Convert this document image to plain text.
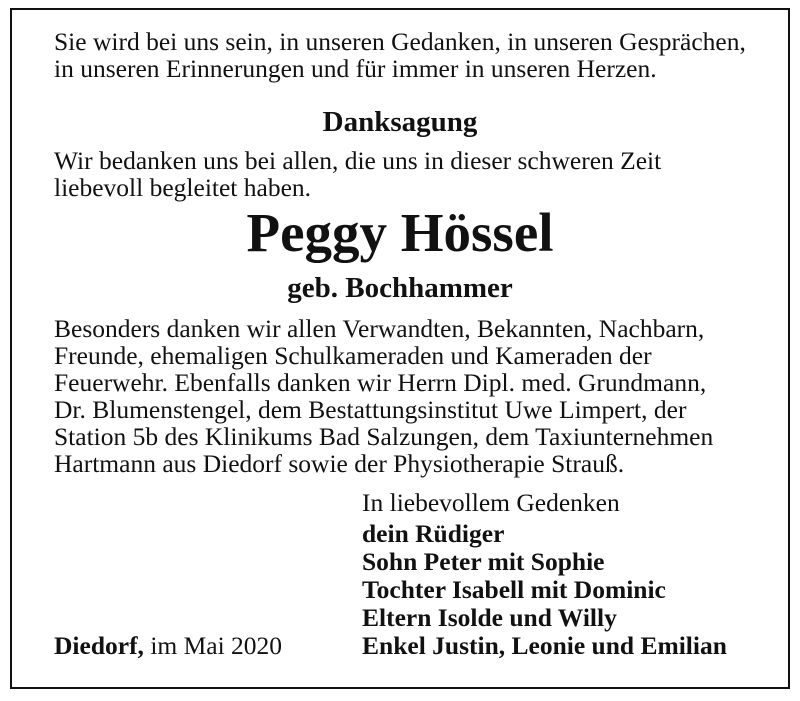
Sie wird bei uns sein, in unseren Gedanken, in unseren Gesprächen,
in unseren Erinnerungen und für immer in unseren Herzen.
Danksagung
Wir bedanken uns bei allen, die uns in dieser schweren Zeit
liebevoll begleitet haben.
Peggy Hössel
geb. Bochhammer
Besonders danken wir allen Verwandten, Bekannten, Nachbarn,
Freunde, ehemaligen Schulkameraden und Kameraden der
Feuerwehr. Ebenfalls danken wir Herrn Dipl. med. Grundmann,
Dr. Blumenstengel, dem Bestattungsinstitut Uwe Limpert, der
Station 5b des Klinikums Bad Salzungen, dem Taxiunternehmen
Hartmann aus Diedorf sowie der Physiotherapie Strauß.
In liebevollem Gedenken
dein Rüdiger
Sohn Peter mit Sophie
Tochter Isabell mit Dominic
Eltern Isolde und Willy
Enkel Justin, Leonie und Emilian
Diedorf, im Mai 2020
